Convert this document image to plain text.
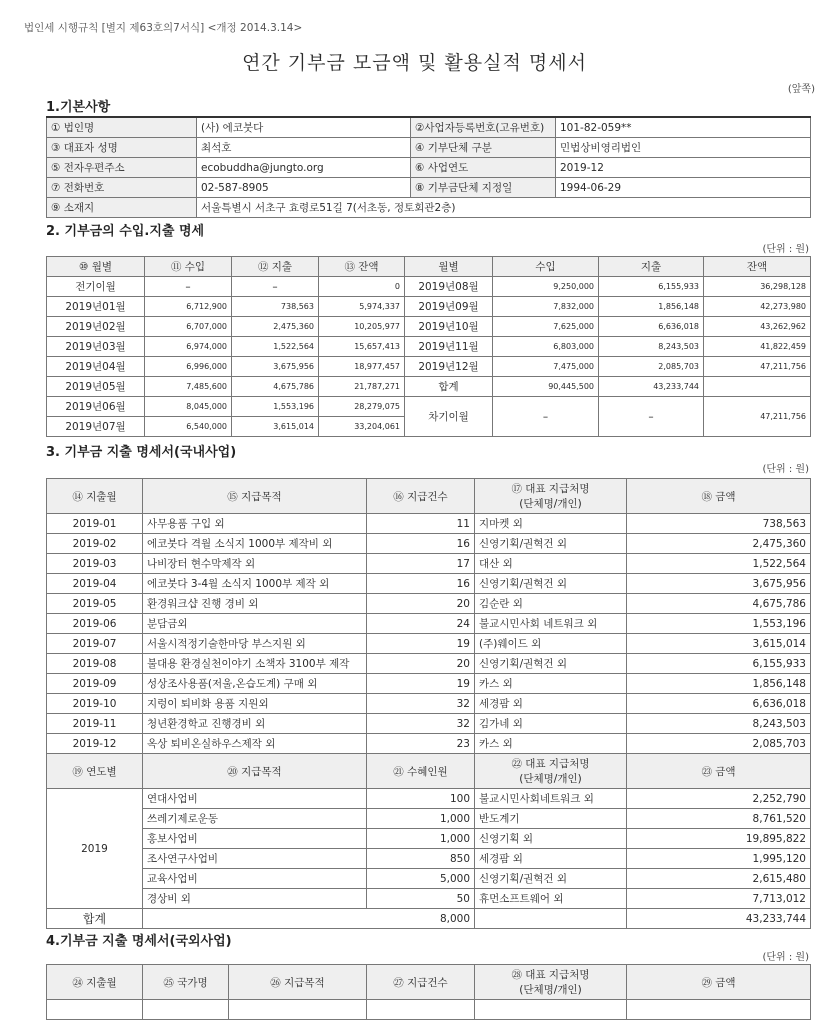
법인세 시행규칙 [별지 제63호의7서식] <개정 2014.3.14>
연간 기부금 모금액 및 활용실적 명세서
(앞쪽)
1.기본사항
① 법인명	(사) 에코붓다	②사업자등록번호(고유번호)	101-82-059**
③ 대표자 성명	최석호	④ 기부단체 구분	민법상비영리법인
⑤ 전자우편주소	ecobuddha@jungto.org	⑥ 사업연도	2019-12
⑦ 전화번호	02-587-8905	⑧ 기부금단체 지정일	1994-06-29
⑨ 소재지	서울특별시 서초구 효령로51길 7(서초동, 정토회관2층)		
2. 기부금의 수입.지출 명세
(단위 : 원)
⑩ 월별	⑪ 수입	⑫ 지출	⑬ 잔액	월별	수입	지출	잔액
전기이월	–	–	0	2019년08월	9,250,000	6,155,933	36,298,128
2019년01월	6,712,900	738,563	5,974,337	2019년09월	7,832,000	1,856,148	42,273,980
2019년02월	6,707,000	2,475,360	10,205,977	2019년10월	7,625,000	6,636,018	43,262,962
2019년03월	6,974,000	1,522,564	15,657,413	2019년11월	6,803,000	8,243,503	41,822,459
2019년04월	6,996,000	3,675,956	18,977,457	2019년12월	7,475,000	2,085,703	47,211,756
2019년05월	7,485,600	4,675,786	21,787,271	합계	90,445,500	43,233,744	
2019년06월	8,045,000	1,553,196	28,279,075	차기이월	–	–	47,211,756
2019년07월	6,540,000	3,615,014	33,204,061				
3. 기부금 지출 명세서(국내사업)
(단위 : 원)
⑭ 지출월	⑮ 지급목적	⑯ 지급건수	⑰ 대표 지급처명
(단체명/개인)	⑱ 금액
2019-01	사무용품 구입 외	11	지마켓 외	738,563
2019-02	에코붓다 격월 소식지 1000부 제작비 외	16	신영기획/권혁건 외	2,475,360
2019-03	나비장터 현수막제작 외	17	대산 외	1,522,564
2019-04	에코붓다 3-4월 소식지 1000부 제작 외	16	신영기획/권혁건 외	3,675,956
2019-05	환경워크샵 진행 경비 외	20	김순란 외	4,675,786
2019-06	분담금외	24	불교시민사회 네트워크 외	1,553,196
2019-07	서울시적정기술한마당 부스지원 외	19	(주)웨이드 외	3,615,014
2019-08	불대용 환경실천이야기 소책자 3100부 제작	20	신영기획/권혁건 외	6,155,933
2019-09	성상조사용품(저울,온습도계) 구매 외	19	카스 외	1,856,148
2019-10	지렁이 퇴비화 용품 지원외	32	세경팜 외	6,636,018
2019-11	청년환경학교 진행경비 외	32	김가네 외	8,243,503
2019-12	옥상 퇴비온실하우스제작 외	23	카스 외	2,085,703
⑲ 연도별	⑳ 지급목적	㉑ 수혜인원	㉒ 대표 지급처명
(단체명/개인)	㉓ 금액
2019	연대사업비	100	불교시민사회네트워크 외	2,252,790
	쓰레기제로운동	1,000	반도계기	8,761,520
	홍보사업비	1,000	신영기획 외	19,895,822
	조사연구사업비	850	세경팜 외	1,995,120
	교육사업비	5,000	신영기획/권혁건 외	2,615,480
	경상비 외	50	휴먼소프트웨어 외	7,713,012
합계	8,000			43,233,744
4.기부금 지출 명세서(국외사업)
(단위 : 원)
㉔ 지출월	㉕ 국가명	㉖ 지급목적	㉗ 지급건수	㉘ 대표 지급처명
(단체명/개인)	㉙ 금액
